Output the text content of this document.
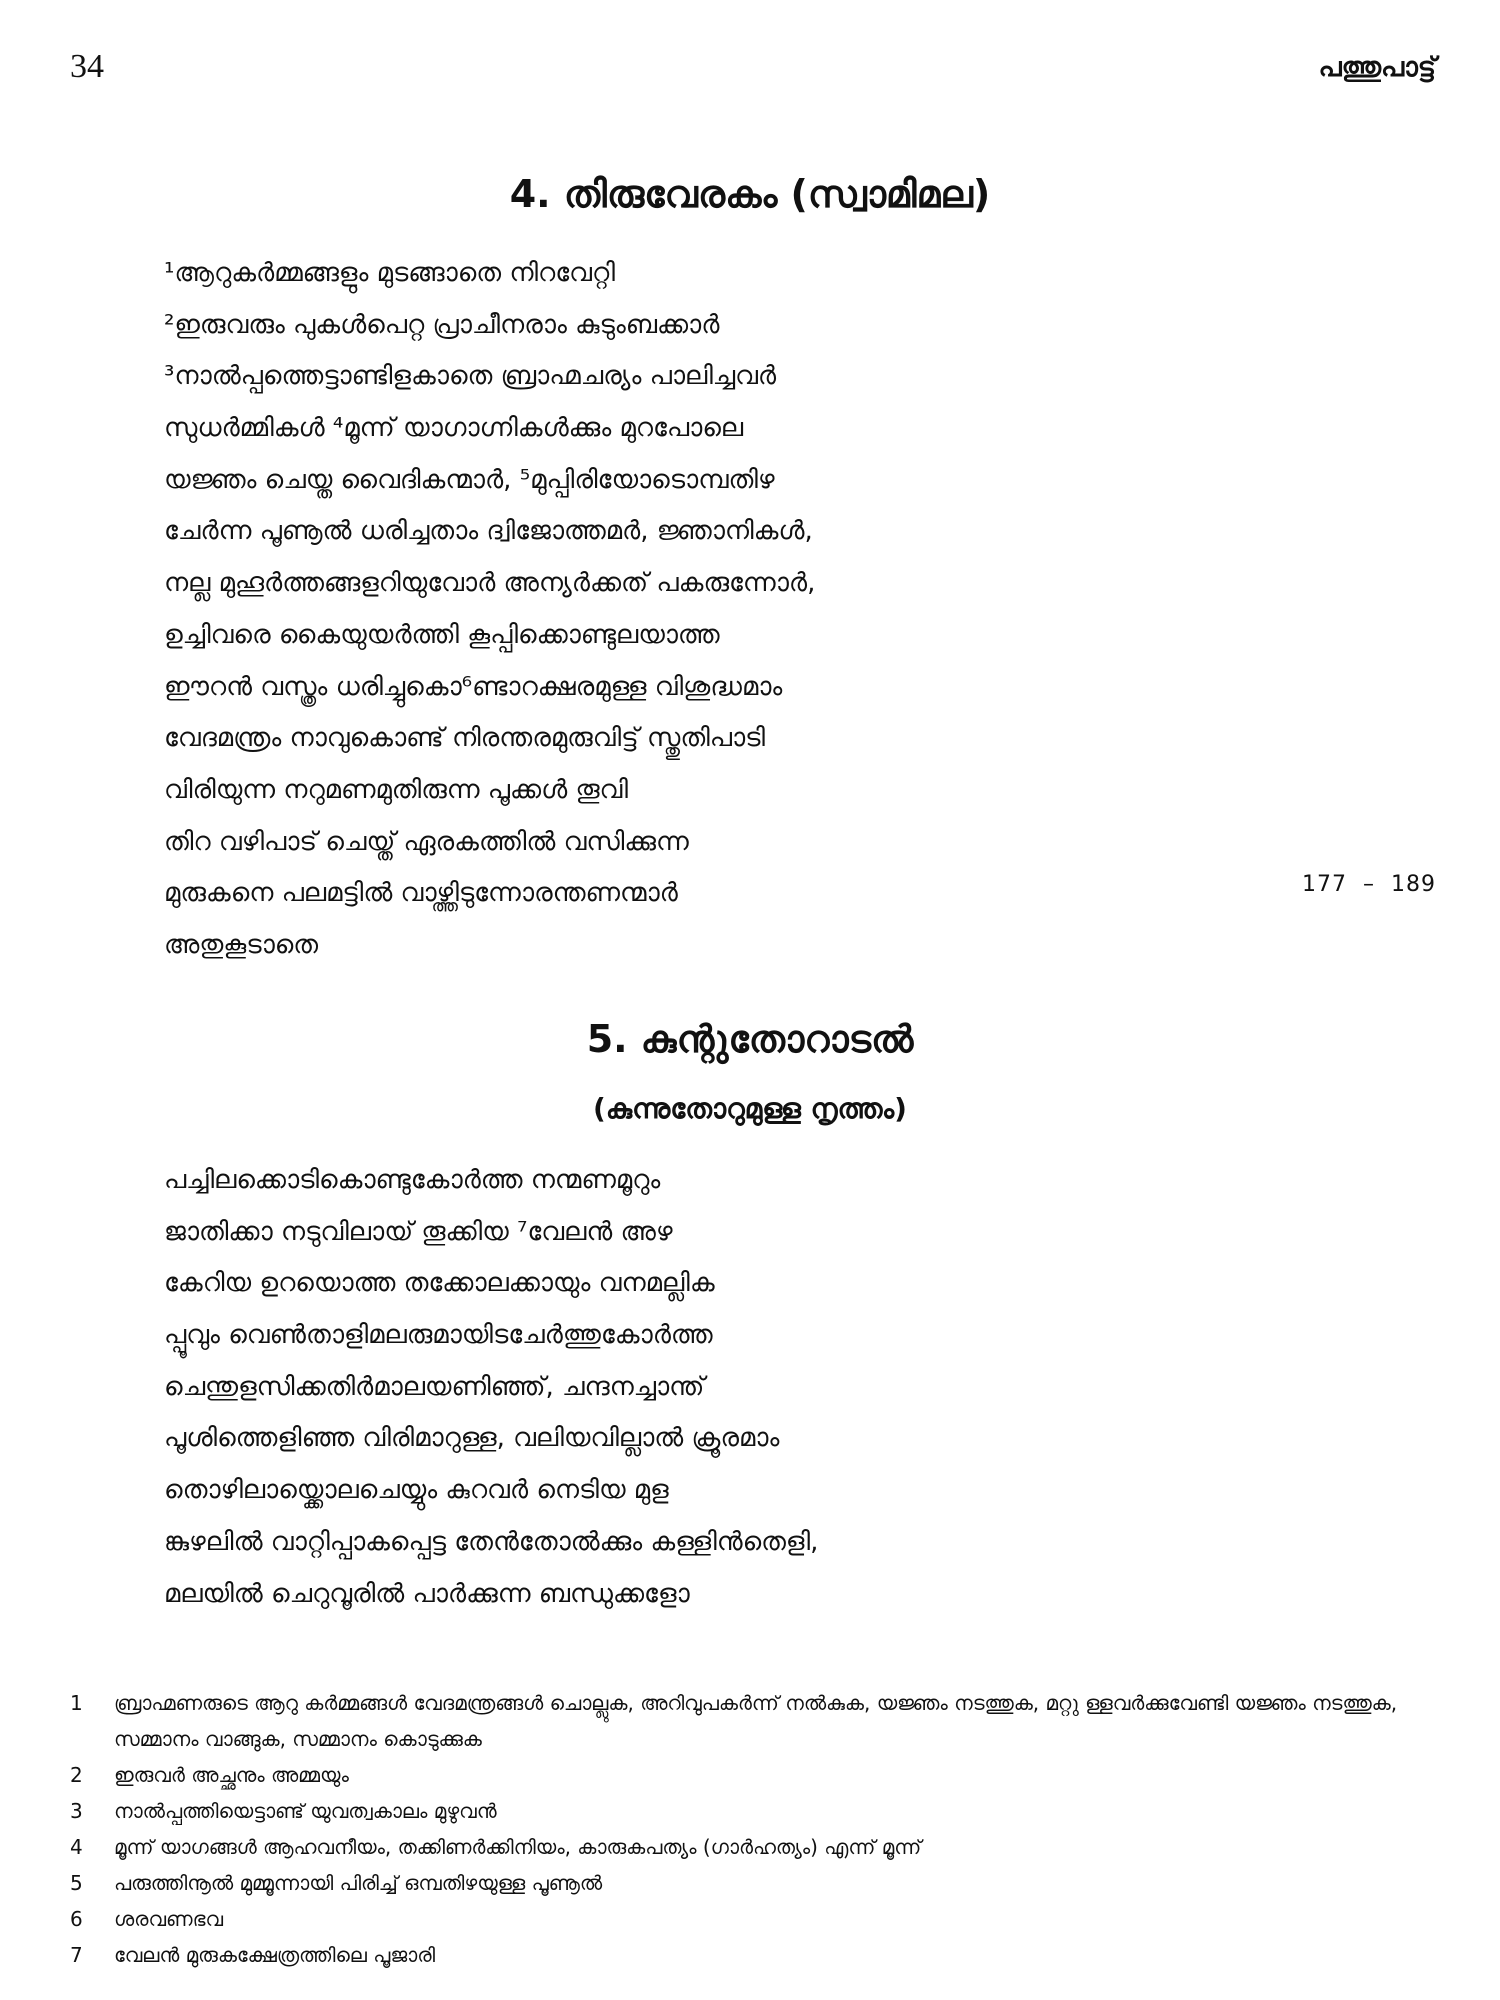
34	പത്തുപാട്ട്
4. തിരുവേരകം (സ്വാമിമല)
¹ആറുകർമ്മങ്ങളും മുടങ്ങാതെ നിറവേറ്റി
²ഇരുവരും പുകൾപെറ്റ പ്രാചീനരാം കുടുംബക്കാർ
³നാൽപ്പത്തെട്ടാണ്ടിളകാതെ ബ്രാഹ്മചര്യം പാലിച്ചവർ
സുധർമ്മികൾ ⁴മൂന്ന് യാഗാഗ്നികൾക്കും മുറപോലെ
യജ്ഞം ചെയ്ത വൈദികന്മാർ, ⁵മുപ്പിരിയോടൊമ്പതിഴ
ചേർന്ന പൂണൂൽ ധരിച്ചതാം ദ്വിജോത്തമർ, ജ്ഞാനികൾ,
നല്ല മുഹൂർത്തങ്ങളറിയുവോർ അന്യർക്കത് പകരുന്നോർ,
ഉച്ചിവരെ കൈയുയർത്തി കൂപ്പിക്കൊണ്ടുലയാത്ത
ഈറൻ വസ്ത്രം ധരിച്ചുകൊ⁶ണ്ടാറക്ഷരമുള്ള വിശുദ്ധമാം
വേദമന്ത്രം നാവുകൊണ്ട് നിരന്തരമുരുവിട്ട് സ്തുതിപാടി
വിരിയുന്ന നറുമണമുതിരുന്ന പൂക്കൾ തൂവി
തിറ വഴിപാട് ചെയ്ത് ഏരകത്തിൽ വസിക്കുന്ന
മുരുകനെ പലമട്ടിൽ വാഴ്ത്തിടുന്നോരന്തണന്മാർ
അതുകൂടാതെ
177  –  189
5. കുന്റുതോറാടൽ
(കുന്നുതോറുമുള്ള നൃത്തം)
പച്ചിലക്കൊടികൊണ്ടുകോർത്ത നന്മണമൂറും
ജാതിക്കാ നടുവിലായ് തൂക്കിയ ⁷വേലൻ അഴ
കേറിയ ഉറയൊത്ത തക്കോലക്കായും വനമല്ലിക
പ്പൂവും വെൺതാളിമലരുമായിടചേർത്തുകോർത്ത
ചെന്തുളസിക്കതിർമാലയണിഞ്ഞ്, ചന്ദനച്ചാന്ത്
പൂശിത്തെളിഞ്ഞ വിരിമാറുള്ള, വലിയവില്ലാൽ ക്രൂരമാം
തൊഴിലായ്ക്കൊലചെയ്യും കുറവർ നെടിയ മുള
ങ്കുഴലിൽ വാറ്റിപ്പാകപ്പെട്ട തേൻതോൽക്കും കള്ളിൻതെളി,
മലയിൽ ചെറുവൂരിൽ പാർക്കുന്ന ബന്ധുക്കളോ
1	ബ്രാഹ്മണരുടെ ആറു കർമ്മങ്ങൾ വേദമന്ത്രങ്ങൾ ചൊല്ലുക, അറിവുപകർന്ന് നൽകുക, യജ്ഞം നടത്തുക, മറ്റു ള്ളവർക്കുവേണ്ടി യജ്ഞം നടത്തുക, സമ്മാനം വാങ്ങുക, സമ്മാനം കൊടുക്കുക
2	ഇരുവർ അച്ഛനും അമ്മയും
3	നാൽപ്പത്തിയെട്ടാണ്ട് യുവത്വകാലം മുഴുവൻ
4	മൂന്ന് യാഗങ്ങൾ ആഹവനീയം, തക്കിണർക്കിനിയം, കാരുകപത്യം (ഗാർഹത്യം) എന്ന് മൂന്ന്
5	പരുത്തിനൂൽ മുമ്മൂന്നായി പിരിച്ച് ഒമ്പതിഴയുള്ള പൂണൂൽ
6	ശരവണഭവ
7	വേലൻ മുരുകക്ഷേത്രത്തിലെ പൂജാരി
